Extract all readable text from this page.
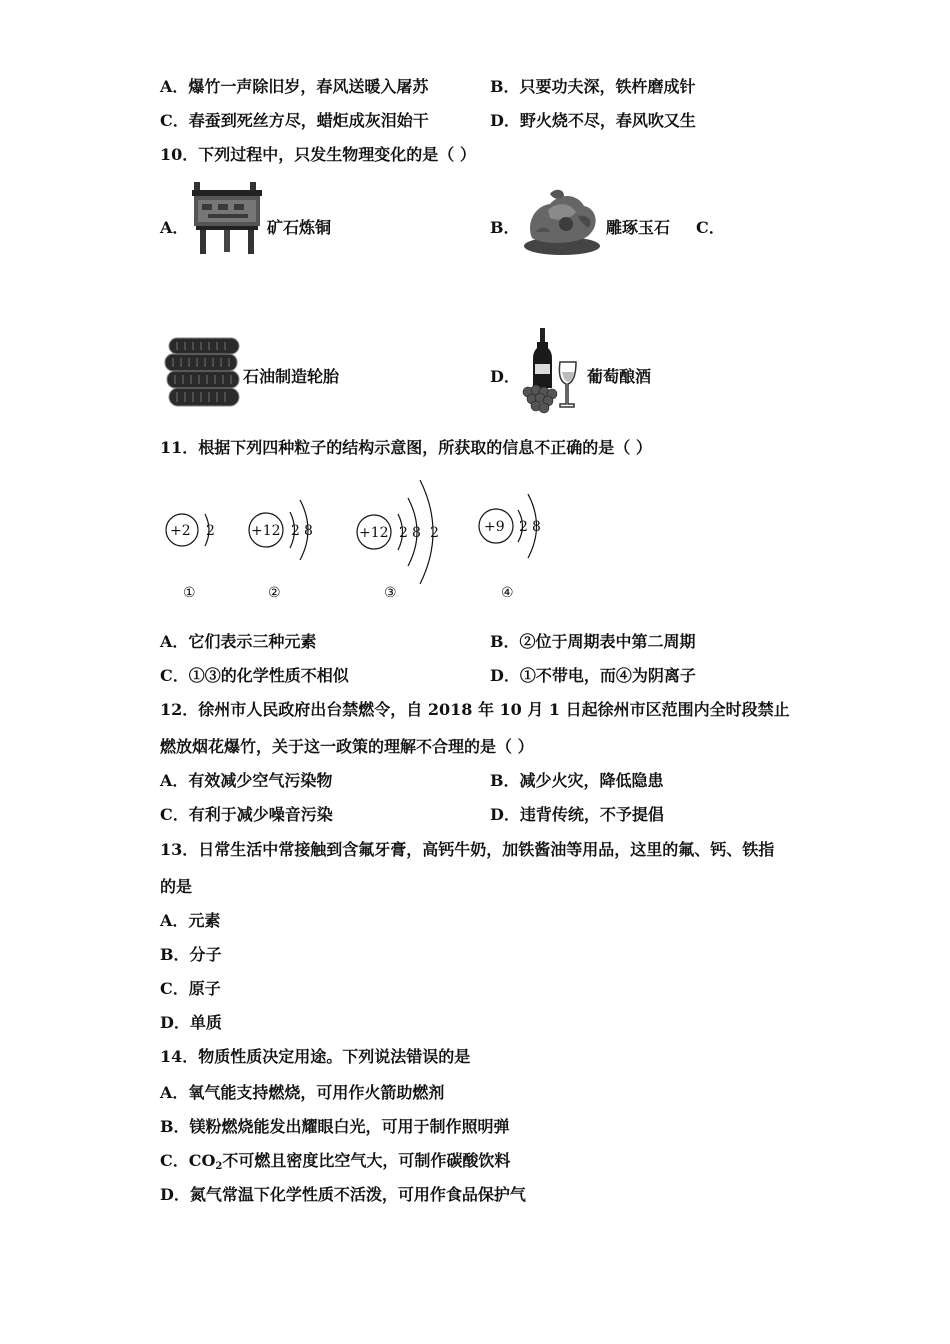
A．爆竹一声除旧岁，春风送暖入屠苏	B．只要功夫深，铁杵磨成针
C．春蚕到死丝方尽，蜡炬成灰泪始干	D．野火烧不尽，春风吹又生
10．下列过程中，只发生物理变化的是（ ）
A．	矿石炼铜	B．	雕琢玉石 C．
石油制造轮胎	D．	葡萄酿酒
11．根据下列四种粒子的结构示意图，所获取的信息不正确的是（ ）
+2 2	+12 2 8	+12 2 8 2	+9 2 8
①	②	③	④
A．它们表示三种元素	B．②位于周期表中第二周期
C．①③的化学性质不相似	D．①不带电，而④为阴离子
12．徐州市人民政府出台禁燃令，自 2018 年 10 月 1 日起徐州市区范围内全时段禁止
燃放烟花爆竹，关于这一政策的理解不合理的是（ ）
A．有效减少空气污染物	B．减少火灾，降低隐患
C．有利于减少噪音污染	D．违背传统，不予提倡
13．日常生活中常接触到含氟牙膏，高钙牛奶，加铁酱油等用品，这里的氟、钙、铁指
的是
A．元素
B．分子
C．原子
D．单质
14．物质性质决定用途。下列说法错误的是
A．氧气能支持燃烧，可用作火箭助燃剂
B．镁粉燃烧能发出耀眼白光，可用于制作照明弹
C．$CO_2$不可燃且密度比空气大，可制作碳酸饮料
D．氮气常温下化学性质不活泼，可用作食品保护气
